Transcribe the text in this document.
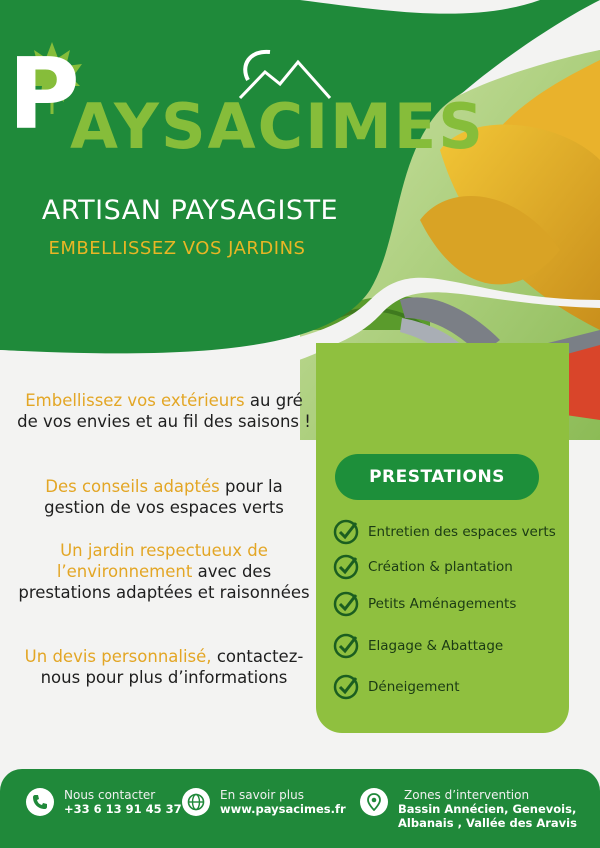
P
AYSACIMES
ARTISAN PAYSAGISTE
EMBELLISSEZ VOS JARDINS
Embellissez vos extérieurs au gré de vos envies et au fil des saisons !
Des conseils adaptés pour la gestion de vos espaces verts
Un jardin respectueux de l’environnement avec des prestations adaptées et raisonnées
Un devis personnalisé, contactez-nous pour plus d’informations
PRESTATIONS
Entretien des espaces verts
Création & plantation
Petits Aménagements
Elagage & Abattage
Déneigement
Nous contacter
+33 6 13 91 45 37
En savoir plus
www.paysacimes.fr
Zones d’intervention
Bassin Annécien, Genevois,
Albanais , Vallée des Aravis
